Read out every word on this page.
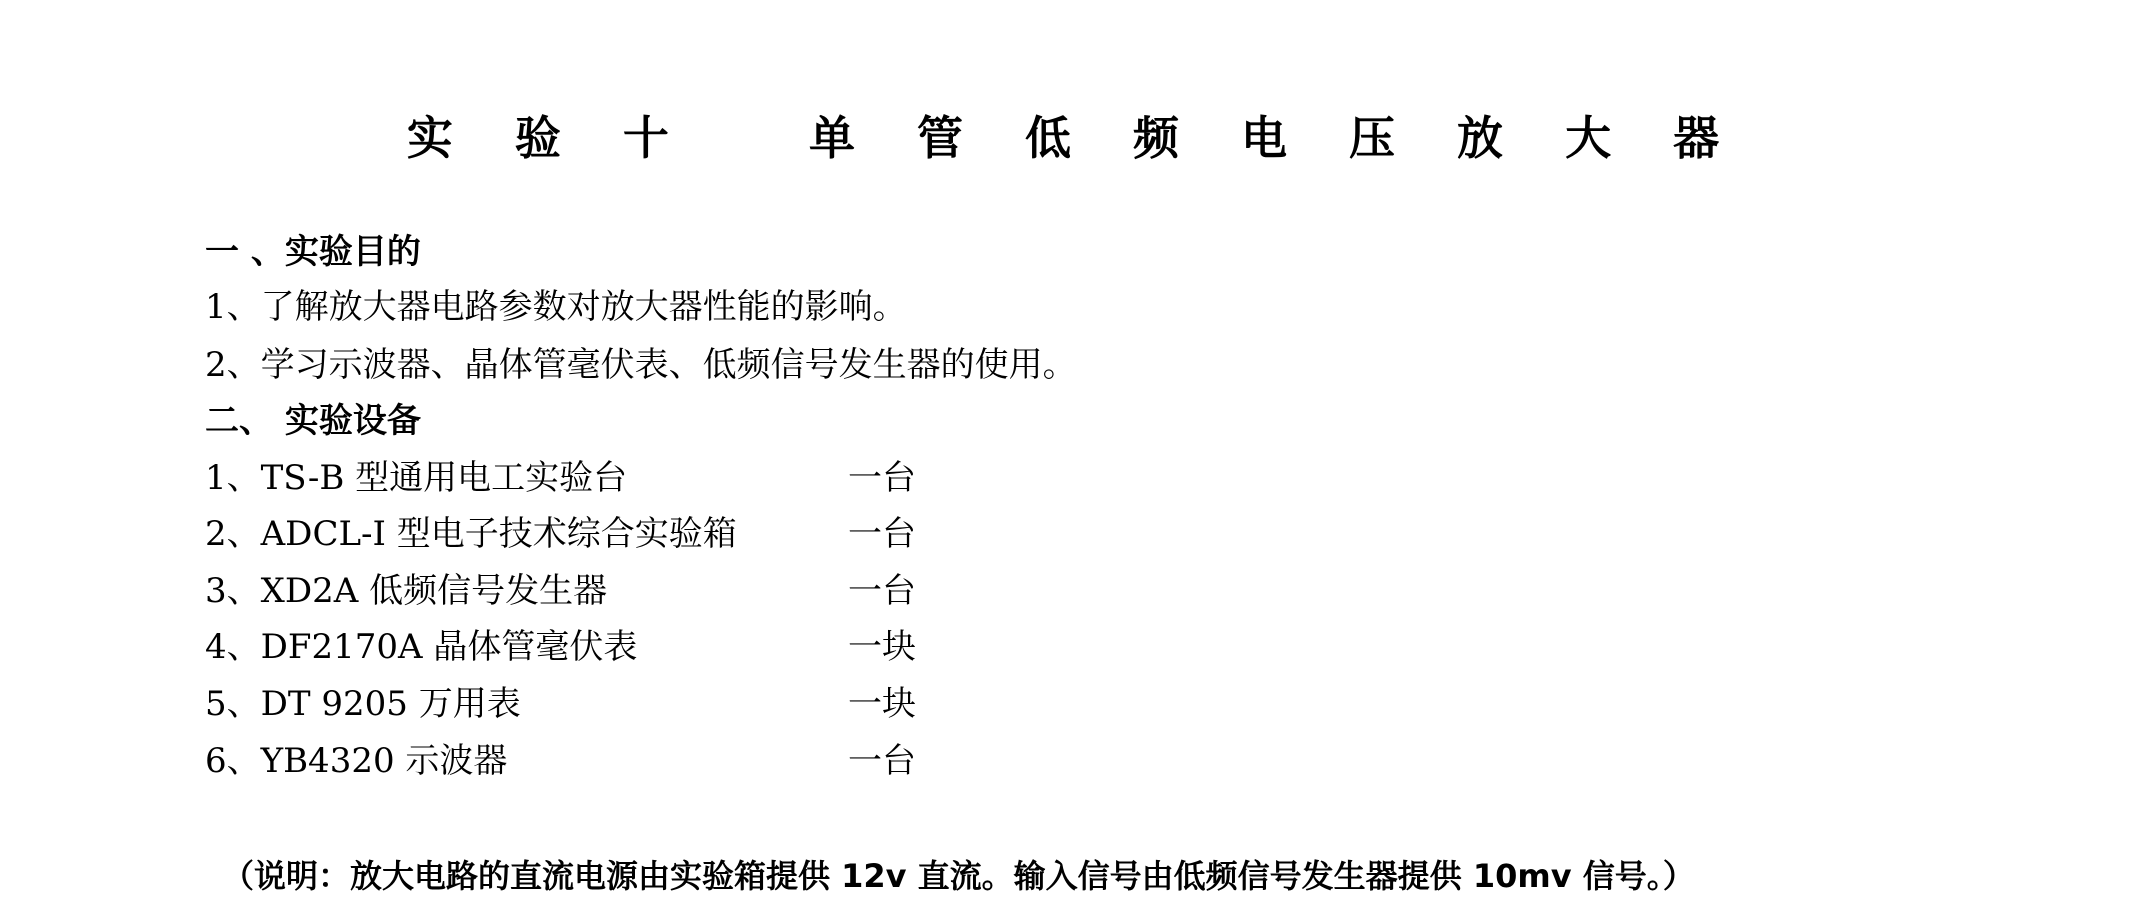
实 验 十   单 管 低 频 电 压 放 大 器
一 、实验目的
1、了解放大器电路参数对放大器性能的影响。
2、学习示波器、晶体管毫伏表、低频信号发生器的使用。
二、 实验设备
1、TS-B 型通用电工实验台	一台
2、ADCL-I 型电子技术综合实验箱	一台
3、XD2A 低频信号发生器	一台
4、DF2170A 晶体管毫伏表	一块
5、DT 9205 万用表	一块
6、YB4320 示波器	一台
（说明：放大电路的直流电源由实验箱提供 12v 直流。输入信号由低频信号发生器提供 10mv 信号。）
